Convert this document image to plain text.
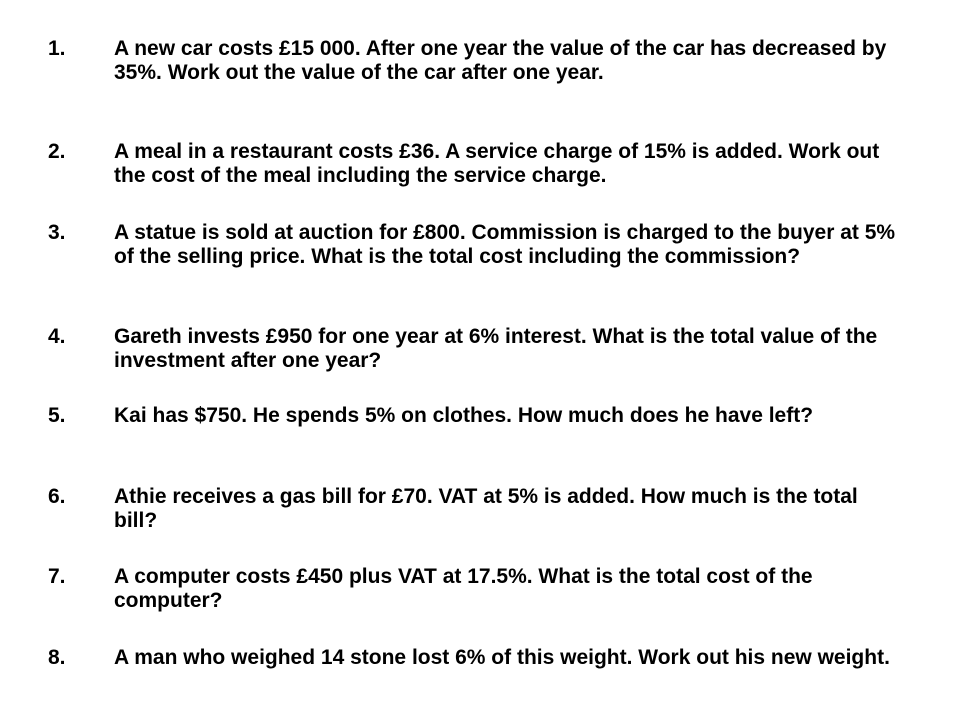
1.	A new car costs £15 000. After one year the value of the car has decreased by 35%. Work out the value of the car after one year.
2.	A meal in a restaurant costs £36. A service charge of 15% is added. Work out the cost of the meal including the service charge.
3.	A statue is sold at auction for £800. Commission is charged to the buyer at 5% of the selling price. What is the total cost including the commission?
4.	Gareth invests £950 for one year at 6% interest. What is the total value of the investment after one year?
5.	Kai has $750. He spends 5% on clothes. How much does he have left?
6.	Athie receives a gas bill for £70. VAT at 5% is added. How much is the total bill?
7.	A computer costs £450 plus VAT at 17.5%. What is the total cost of the computer?
8.	A man who weighed 14 stone lost 6% of this weight. Work out his new weight.
